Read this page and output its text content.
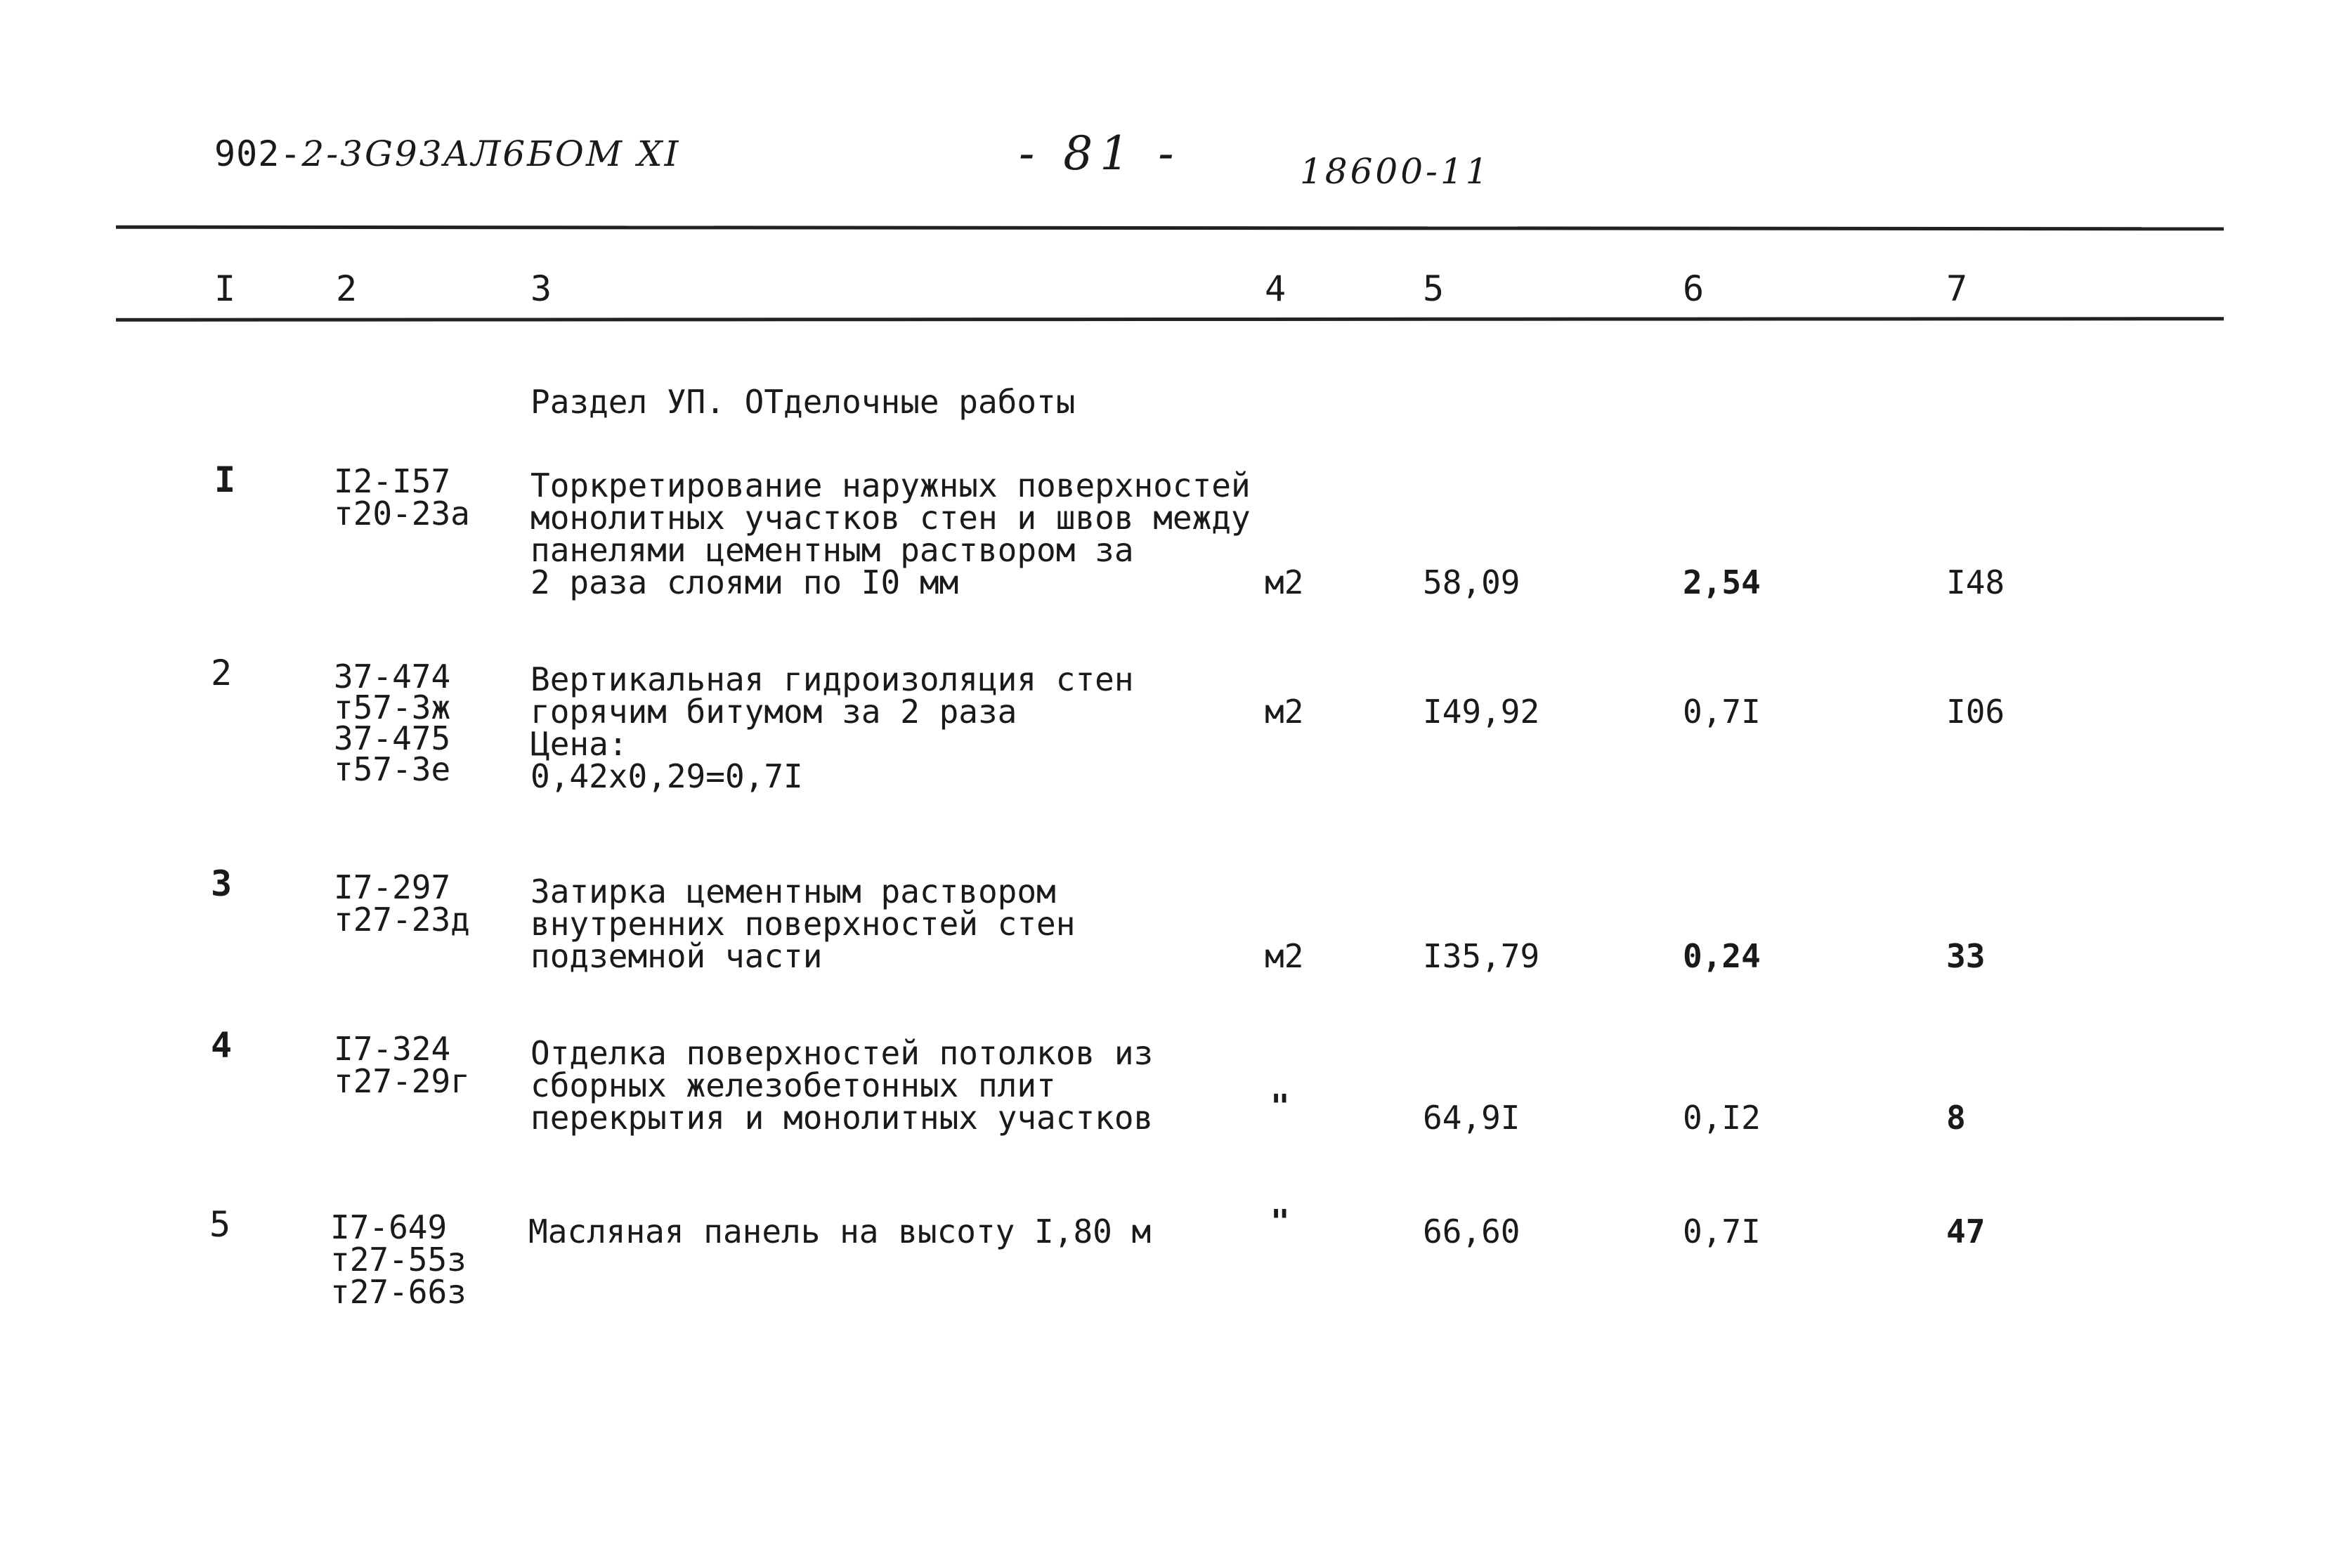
902-2-3G93AЛ6БОМ XI	- 81 -	18600-11
I	2	3	4	5	6	7
Раздел УП. ОТделочные работы
I	I2-I57
т20-23а
Торкретирование наружных поверхностей
монолитных участков стен и швов между
панелями цементным раствором за
2 раза слоями по I0 мм	м2	58,09	2,54	I48
2	37-474
т57-3ж
37-475
т57-3е
Вертикальная гидроизоляция стен
горячим битумом за 2 раза
Цена:
0,42x0,29=0,7I
м2	I49,92	0,7I	I06
3	I7-297
т27-23д
Затирка цементным раствором
внутренних поверхностей стен
подземной части	м2	I35,79	0,24	33
4	I7-324
т27-29г
Отделка поверхностей потолков из
сборных железобетонных плит
перекрытия и монолитных участков	"	64,9I	0,I2	8
5	I7-649
т27-55з
т27-66з
Масляная панель на высоту I,80 м	"	66,60	0,7I	47
